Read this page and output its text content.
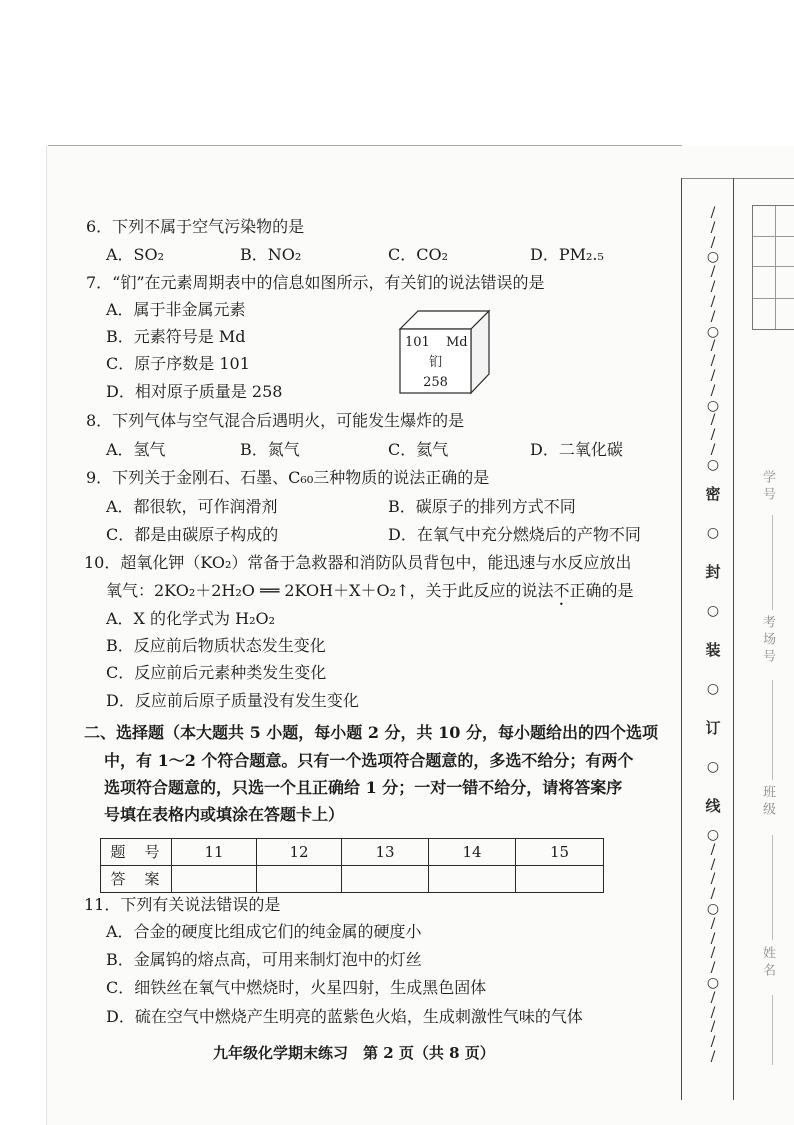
6．下列不属于空气污染物的是
A．SO₂	B．NO₂	C．CO₂	D．PM₂.₅
7．“钔”在元素周期表中的信息如图所示，有关钔的说法错误的是
A．属于非金属元素
B．元素符号是 Md
C．原子序数是 101
D．相对原子质量是 258
101 Md
钔
258
8．下列气体与空气混合后遇明火，可能发生爆炸的是
A．氢气	B．氮气	C．氦气	D．二氧化碳
9．下列关于金刚石、石墨、C₆₀三种物质的说法正确的是
A．都很软，可作润滑剂	B．碳原子的排列方式不同
C．都是由碳原子构成的	D．在氧气中充分燃烧后的产物不同
10．超氧化钾（KO₂）常备于急救器和消防队员背包中，能迅速与水反应放出
氧气：2KO₂＋2H₂O ══ 2KOH＋X＋O₂↑，关于此反应的说法不正确的是
A．X 的化学式为 H₂O₂
B．反应前后物质状态发生变化
C．反应前后元素种类发生变化
D．反应前后原子质量没有发生变化
二、选择题（本大题共 5 小题，每小题 2 分，共 10 分，每小题给出的四个选项
中，有 1～2 个符合题意。只有一个选项符合题意的，多选不给分；有两个
选项符合题意的，只选一个且正确给 1 分；一对一错不给分，请将答案序
号填在表格内或填涂在答题卡上）
题　号	11	12	13	14	15
答　案					
11．下列有关说法错误的是
A．合金的硬度比组成它们的纯金属的硬度小
B．金属钨的熔点高，可用来制灯泡中的灯丝
C．细铁丝在氧气中燃烧时，火星四射，生成黑色固体
D．硫在空气中燃烧产生明亮的蓝紫色火焰，生成刺激性气味的气体
九年级化学期末练习　第 2 页（共 8 页）
/
/
/
○
/
/
/
/
○
/
/
/
/
○
/
/
/
○
密
○
封
○
装
○
订
○
线
○
/
/
/
/
○
/
/
/
/
○
/
/
/
/
/
学号
考场号
班级
姓名
